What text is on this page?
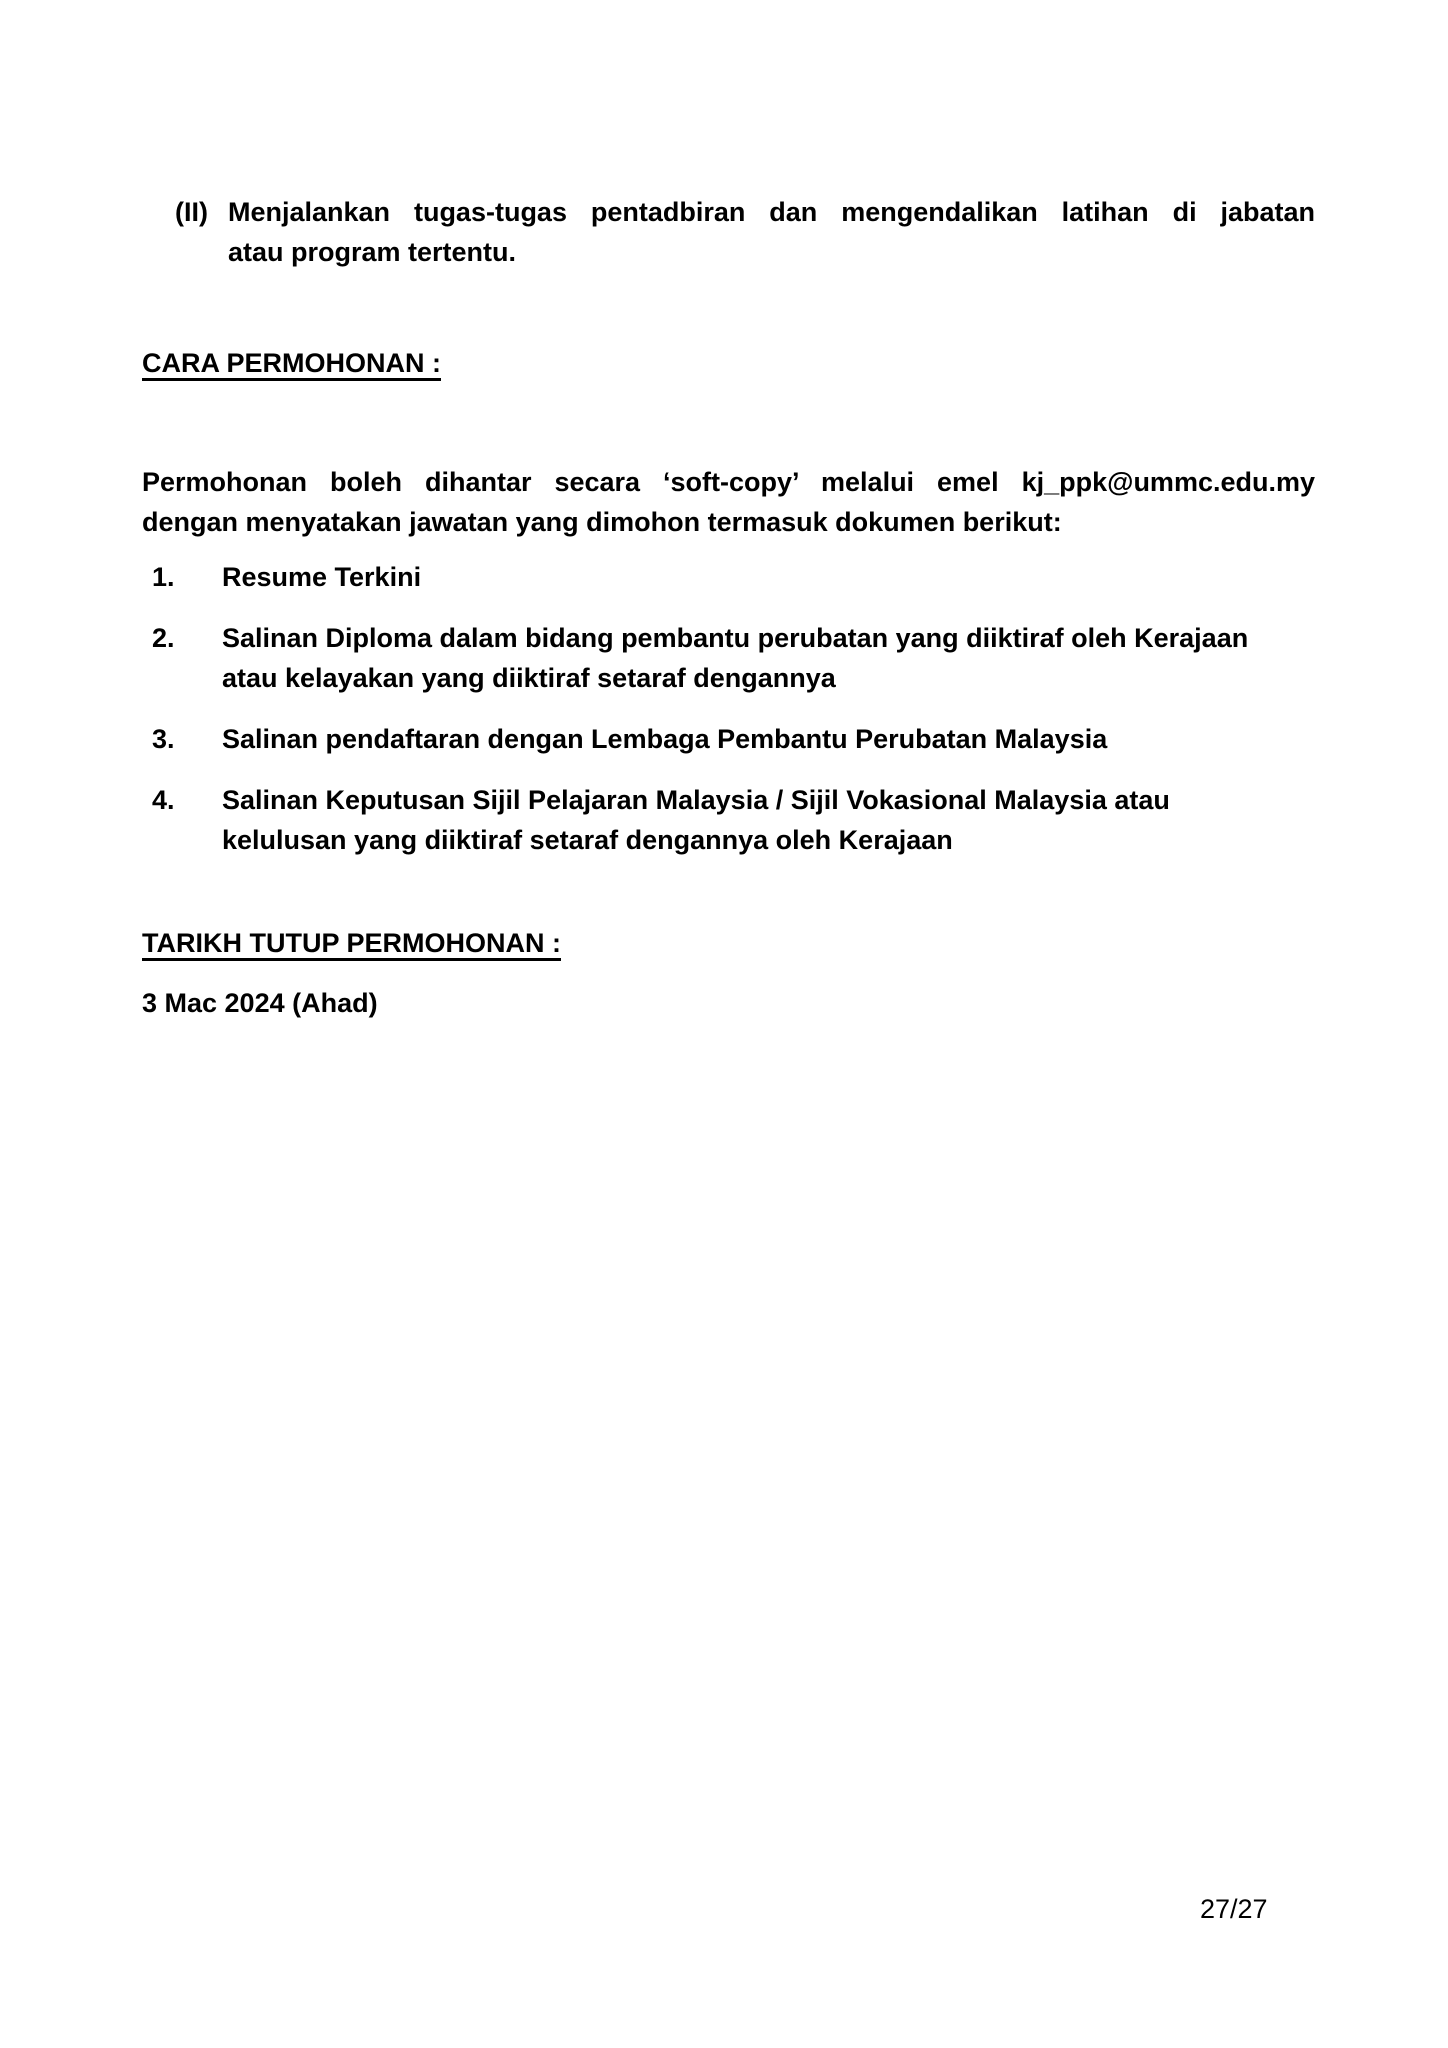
(II) Menjalankan tugas-tugas pentadbiran dan mengendalikan latihan di jabatan
atau program tertentu.
CARA PERMOHONAN :
Permohonan boleh dihantar secara ‘soft-copy’ melalui emel kj_ppk@ummc.edu.my
dengan menyatakan jawatan yang dimohon termasuk dokumen berikut:
1.	Resume Terkini
2.	Salinan Diploma dalam bidang pembantu perubatan yang diiktiraf oleh Kerajaan
atau kelayakan yang diiktiraf setaraf dengannya
3.	Salinan pendaftaran dengan Lembaga Pembantu Perubatan Malaysia
4.	Salinan Keputusan Sijil Pelajaran Malaysia / Sijil Vokasional Malaysia atau
kelulusan yang diiktiraf setaraf dengannya oleh Kerajaan
TARIKH TUTUP PERMOHONAN :
3 Mac 2024 (Ahad)
27/27
